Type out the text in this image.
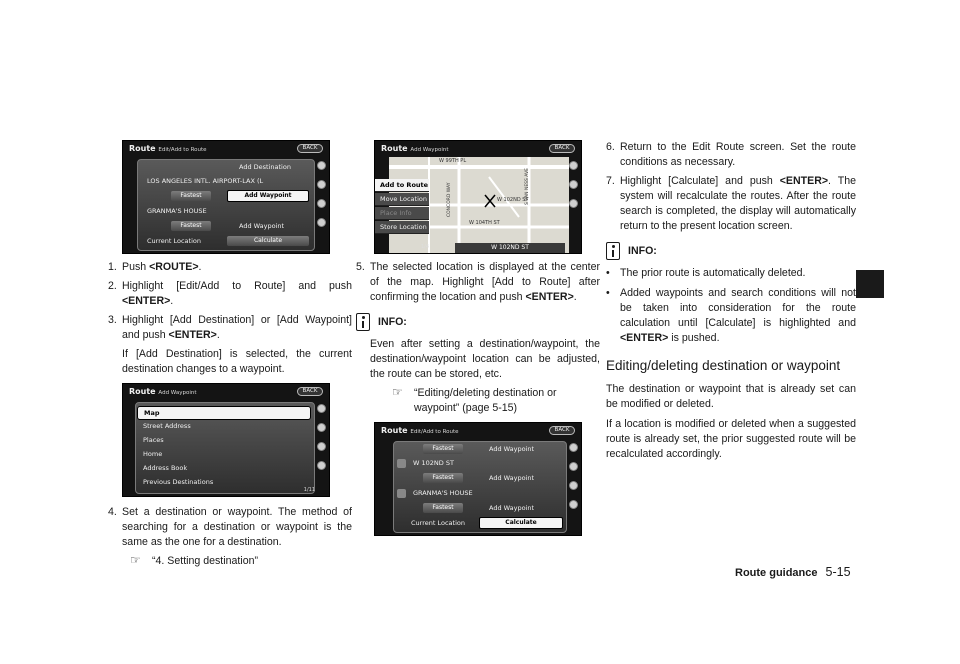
Route Edit/Add to Route	BACK
Add Destination
LOS ANGELES INTL. AIRPORT-LAX (L
Fastest	Add Waypoint
GRANMA'S HOUSE
Fastest	Add Waypoint
Current Location	Calculate
1. Push <ROUTE>.
2. Highlight [Edit/Add to Route] and push <ENTER>.
3. Highlight [Add Destination] or [Add Waypoint] and push <ENTER>.
If [Add Destination] is selected, the current destination changes to a waypoint.
Route Add Waypoint	BACK
1/11
Map
Street Address
Places
Home
Address Book
Previous Destinations
4. Set a destination or waypoint. The method of searching for a destination or waypoint is the same as the one for a destination.
☞	“4. Setting destination”
Route Add Waypoint	BACK
W 99TH PL
W 102ND ST
W 104TH ST
CONCORD WAY	S VAN NESS AVE
1/4	W 102ND ST
Add to Route
Move Location
Place Info
Store Location
5. The selected location is displayed at the center of the map. Highlight [Add to Route] after confirming the location and push <ENTER>.
INFO:
Even after setting a destination/waypoint, the destination/waypoint location can be adjusted, the route can be stored, etc.
☞	“Editing/deleting destination or waypoint” (page 5-15)
Route Edit/Add to Route	BACK
Fastest	Add Waypoint
W 102ND ST
Fastest	Add Waypoint
GRANMA'S HOUSE
Fastest	Add Waypoint
Current Location	Calculate
6. Return to the Edit Route screen. Set the route conditions as necessary.
7. Highlight [Calculate] and push <ENTER>. The system will recalculate the routes. After the route search is completed, the display will automatically return to the present location screen.
INFO:
• The prior route is automatically deleted.
• Added waypoints and search conditions will not be taken into consideration for the route calculation until [Calculate] is highlighted and <ENTER> is pushed.
Editing/deleting destination or waypoint

The destination or waypoint that is already set can be modified or deleted.

If a location is modified or deleted when a suggested route is already set, the prior suggested route will be recalculated accordingly.

Route guidance 5-15
